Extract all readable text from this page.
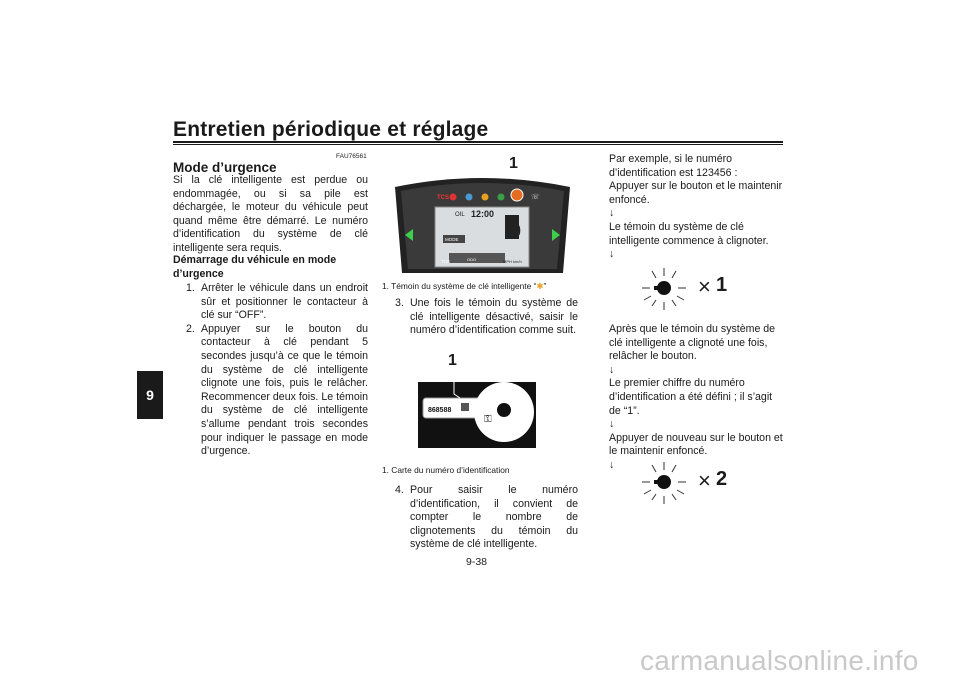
Entretien périodique et réglage
9
FAU76561
Mode d’urgence

Si la clé intelligente est perdue ou endommagée, ou si sa pile est déchargée, le moteur du véhicule peut quand même être démarré. Le numéro d’identification du système de clé intelligente sera requis.

Démarrage du véhicule en mode d’urgence

1. Arrêter le véhicule dans un endroit sûr et positionner le contacteur à clé sur “OFF”.
2. Appuyer sur le bouton du contacteur à clé pendant 5 secondes jusqu’à ce que le témoin du système de clé intelligente clignote une fois, puis le relâcher. Recommencer deux fois. Le témoin du système de clé intelligente s’allume pendant trois secondes pour indiquer le passage en mode d’urgence.
OIL 12:00
MPH km/h
MODE
TCS	ODO
0
TCS	☏
1
1. Témoin du système de clé intelligente “✱”
3. Une fois le témoin du système de clé intelligente désactivé, saisir le numéro d’identification comme suit.
868588
⚿
1
1. Carte du numéro d’identification
4. Pour saisir le numéro d’identification, il convient de compter le nombre de clignotements du témoin du système de clé intelligente.

Par exemple, si le numéro d’identification est 123456 :

Appuyer sur le bouton et le maintenir enfoncé.

↓

Le témoin du système de clé intelligente commence à clignoter.

↓

× 1

Après que le témoin du système de clé intelligente a clignoté une fois, relâcher le bouton.

↓

Le premier chiffre du numéro d’identification a été défini ; il s’agit de “1”.

↓

Appuyer de nouveau sur le bouton et le maintenir enfoncé.

↓

× 2
9-38
carmanualsonline.info
